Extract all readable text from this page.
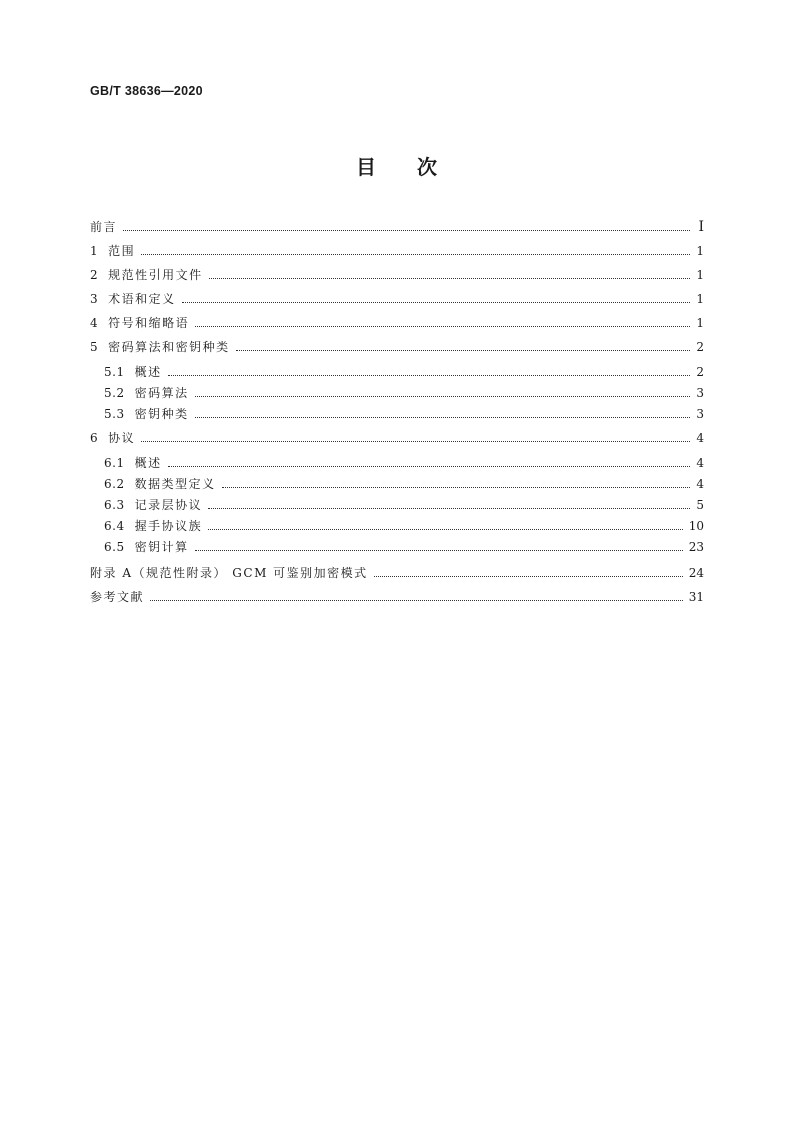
GB/T 38636—2020
目 次
前言	I
1 范围	1
2 规范性引用文件	1
3 术语和定义	1
4 符号和缩略语	1
5 密码算法和密钥种类	2
5.1 概述	2
5.2 密码算法	3
5.3 密钥种类	3
6 协议	4
6.1 概述	4
6.2 数据类型定义	4
6.3 记录层协议	5
6.4 握手协议族	10
6.5 密钥计算	23
附录 A（规范性附录） GCM 可鉴别加密模式	24
参考文献	31
